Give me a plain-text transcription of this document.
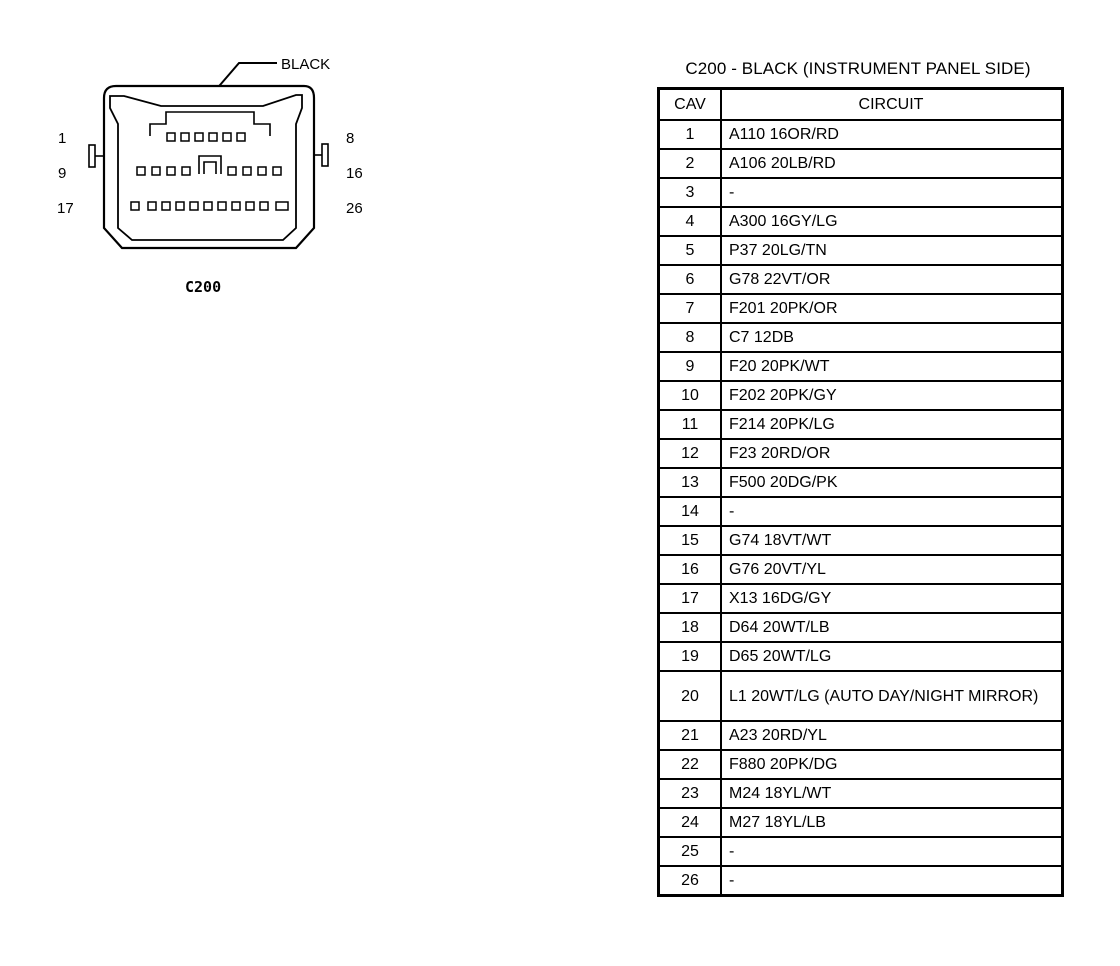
BLACK
1
9
17
8
16
26
C200
C200 - BLACK (INSTRUMENT PANEL SIDE)
CAV	CIRCUIT
1	A110 16OR/RD
2	A106 20LB/RD
3	-
4	A300 16GY/LG
5	P37 20LG/TN
6	G78 22VT/OR
7	F201 20PK/OR
8	C7 12DB
9	F20 20PK/WT
10	F202 20PK/GY
11	F214 20PK/LG
12	F23 20RD/OR
13	F500 20DG/PK
14	-
15	G74 18VT/WT
16	G76 20VT/YL
17	X13 16DG/GY
18	D64 20WT/LB
19	D65 20WT/LG
20	L1 20WT/LG (AUTO DAY/NIGHT MIRROR)
21	A23 20RD/YL
22	F880 20PK/DG
23	M24 18YL/WT
24	M27 18YL/LB
25	-
26	-
